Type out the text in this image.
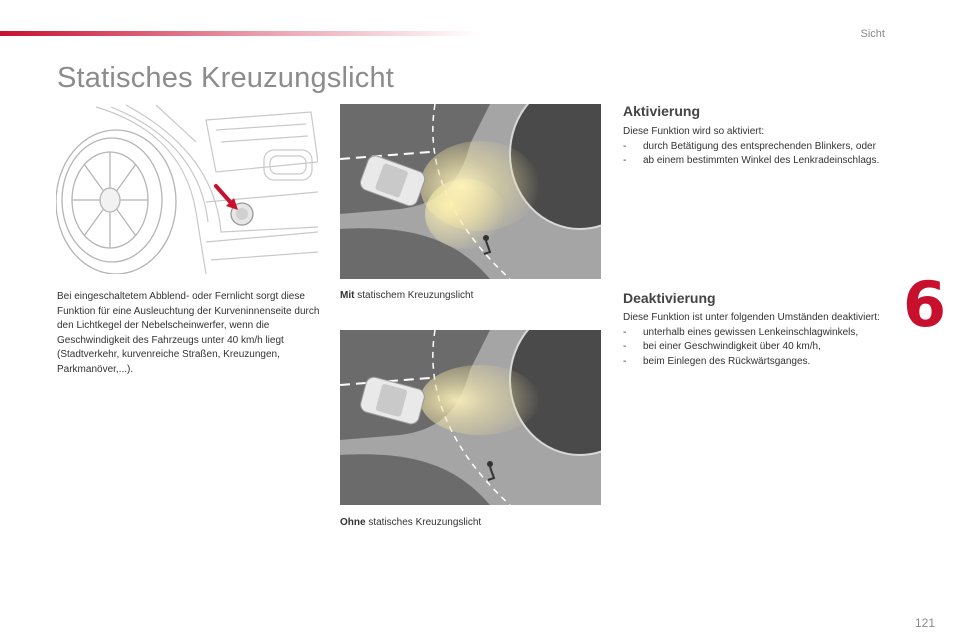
Sicht
Statisches Kreuzungslicht
Mit statischem Kreuzungslicht
Ohne statisches Kreuzungslicht

Bei eingeschaltetem Abblend- oder Fernlicht sorgt diese Funktion für eine Ausleuchtung der Kurveninnenseite durch den Lichtkegel der Nebelscheinwerfer, wenn die Geschwindigkeit des Fahrzeugs unter 40 km/h liegt (Stadtverkehr, kurvenreiche Straßen, Kreuzungen, Parkmanöver,...).

Aktivierung

Diese Funktion wird so aktiviert:

- durch Betätigung des entsprechenden Blinkers, oder
- ab einem bestimmten Winkel des Lenkradeinschlags.
Deaktivierung

Diese Funktion ist unter folgenden Umständen deaktiviert:

- unterhalb eines gewissen Lenkeinschlagwinkels,
- bei einer Geschwindigkeit über 40 km/h,
- beim Einlegen des Rückwärtsganges.
6
121
